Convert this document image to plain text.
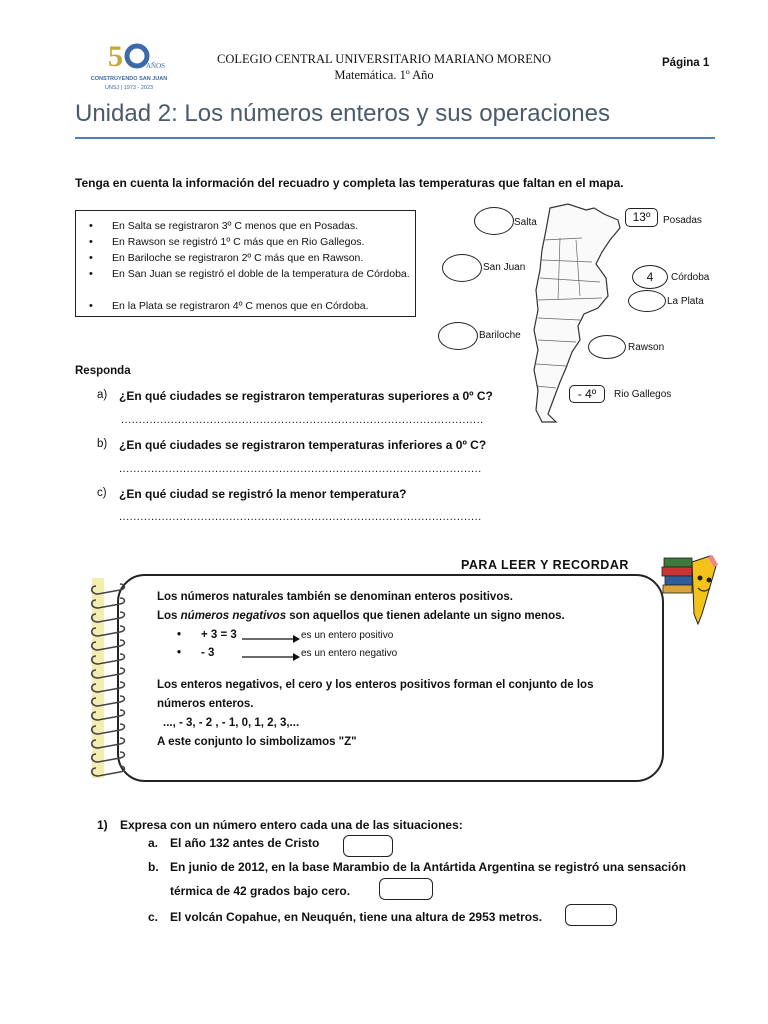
5	AÑOS
CONSTRUYENDO SAN JUAN
UNSJ | 1973 - 2023
COLEGIO CENTRAL UNIVERSITARIO MARIANO MORENO
Matemática. 1º Año
Página 1
Unidad 2: Los números enteros y sus operaciones
Tenga en cuenta la información del recuadro y completa las temperaturas que faltan en el mapa.
• En Salta se registraron 3º C menos que en Posadas.
• En Rawson se registró 1º C más que en Rio Gallegos.
• En Bariloche se registraron 2º C más que en Rawson.
• En San Juan se registró el doble de la temperatura de Córdoba.
• En la Plata se registraron 4º C menos que en Córdoba.
Salta	13º	Posadas
San Juan
4	Córdoba
La Plata
Bariloche
Rawson
- 4º	Rio Gallegos
Responda
a) ¿En qué ciudades se registraron temperaturas superiores a 0º C?
......................................................................................................
b) ¿En qué ciudades se registraron temperaturas inferiores a 0º C?
......................................................................................................
c) ¿En qué ciudad se registró la menor temperatura?
......................................................................................................
PARA LEER Y RECORDAR
Los números naturales también se denominan enteros positivos.
Los números negativos son aquellos que tienen adelante un signo menos.
• + 3 = 3	es un entero positivo
• - 3	es un entero negativo
Los enteros negativos, el cero y los enteros positivos forman el conjunto de los
números enteros.
..., - 3, - 2 , - 1, 0, 1, 2, 3,...
A este conjunto lo simbolizamos "Z"
1) Expresa con un número entero cada una de las situaciones:
a. El año 132 antes de Cristo
b. En junio de 2012, en la base Marambio de la Antártida Argentina se registró una sensación
térmica de 42 grados bajo cero.
c. El volcán Copahue, en Neuquén, tiene una altura de 2953 metros.
